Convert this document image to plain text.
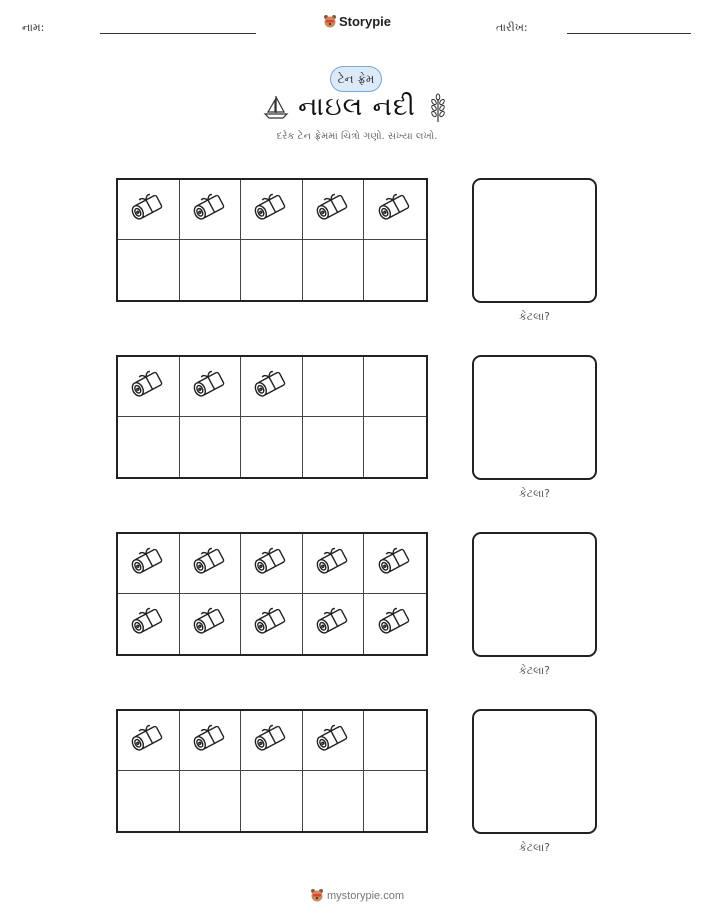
નામ:	Storypie	તારીખ:
ટેન ફ્રેમ
નાઇલ નદી
દરેક ટેન ફ્રેમમાં ચિત્રો ગણો. સંખ્યા લખો.
કેટલા?
કેટલા?
કેટલા?
કેટલા?
mystorypie.com
